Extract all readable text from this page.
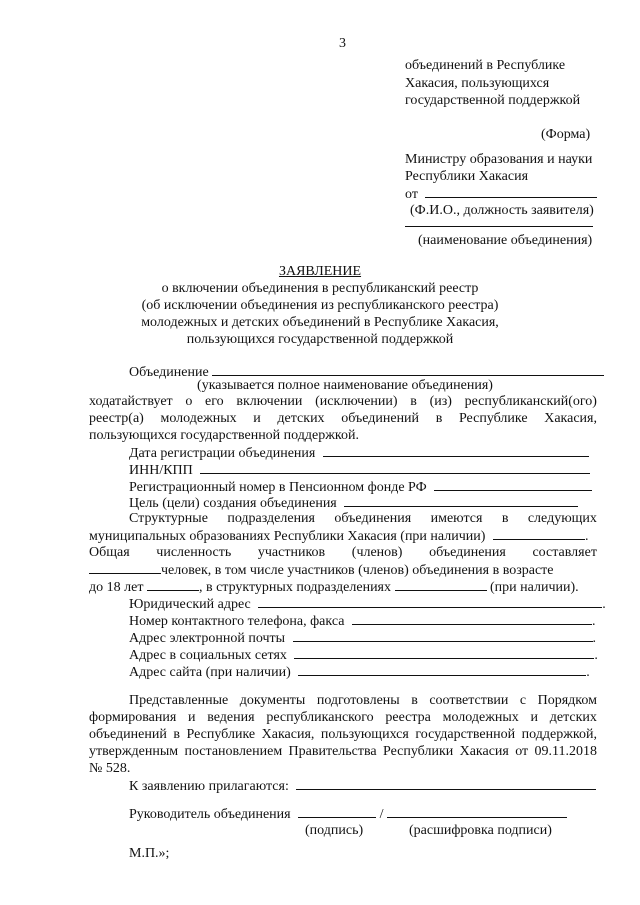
3
объединений в Республике
Хакасия, пользующихся
государственной поддержкой
(Форма)
Министру образования и науки
Республики Хакасия
от
(Ф.И.О., должность заявителя)
(наименование объединения)
ЗАЯВЛЕНИЕ
о включении объединения в республиканский реестр
(об исключении объединения из республиканского реестра)
молодежных и детских объединений в Республике Хакасия,
пользующихся государственной поддержкой
Объединение
(указывается полное наименование объединения)
ходатайствует о его включении (исключении) в (из) республиканский(ого)
реестр(а) молодежных и детских объединений в Республике Хакасия,
пользующихся государственной поддержкой.
Дата регистрации объединения
ИНН/КПП
Регистрационный номер в Пенсионном фонде РФ
Цель (цели) создания объединения
Структурные подразделения объединения имеются в следующих
муниципальных образованиях Республики Хакасия (при наличии)	.
Общая численность участников (членов) объединения составляет
человек, в том числе участников (членов) объединения в возрасте
до 18 лет	, в структурных подразделениях	(при наличии).
Юридический адрес	.
Номер контактного телефона, факса	.
Адрес электронной почты	.
Адрес в социальных сетях	.
Адрес сайта (при наличии)	.
Представленные документы подготовлены в соответствии с Порядком
формирования и ведения республиканского реестра молодежных и детских
объединений в Республике Хакасия, пользующихся государственной поддержкой,
утвержденным постановлением Правительства Республики Хакасия от 09.11.2018
№ 528.
К заявлению прилагаются:
Руководитель объединения	/
(подпись)	(расшифровка подписи)
М.П.»;
